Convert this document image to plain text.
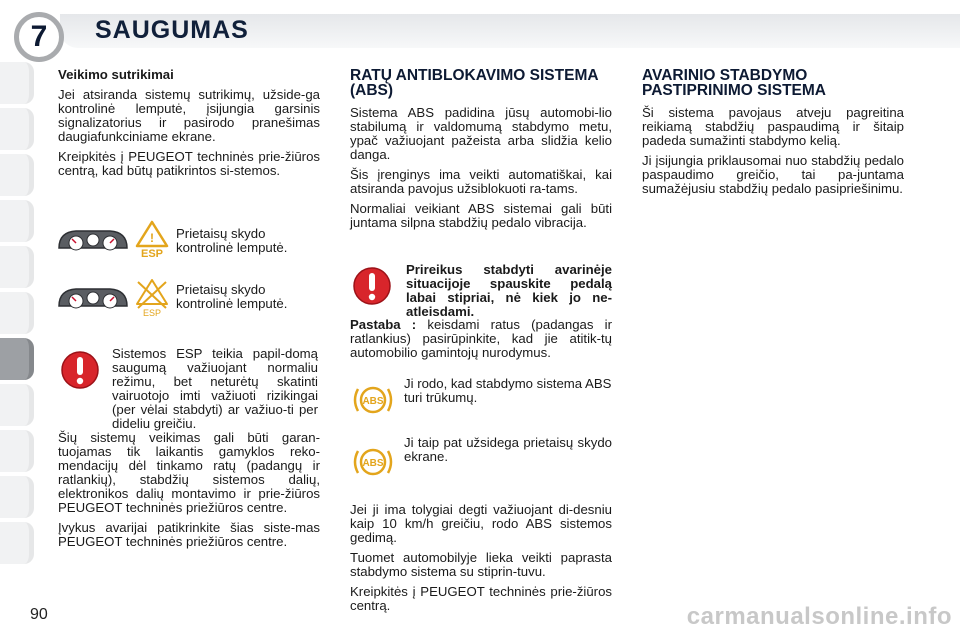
7	SAUGUMAS
Veikimo sutrikimai

Jei atsiranda sistemų sutrikimų, užside-ga kontrolinė lemputė, įsijungia garsinis signalizatorius ir pasirodo pranešimas daugiafunkciniame ekrane.

Kreipkitės į PEUGEOT techninės prie-žiūros centrą, kad būtų patikrintos si-stemos.

!
ESP
Prietaisų skydo kontrolinė lemputė.
ESP
Prietaisų skydo kontrolinė lemputė.
Sistemos ESP teikia papil-domą saugumą važiuojant normaliu režimu, bet neturėtų skatinti vairuotojo imti važiuoti rizikingai (per vėlai stabdyti) ar važiuo-ti per dideliu greičiu.

Šių sistemų veikimas gali būti garan-tuojamas tik laikantis gamyklos reko-mendacijų dėl tinkamo ratų (padangų ir ratlankių), stabdžių sistemos dalių, elektronikos dalių montavimo ir prie-žiūros PEUGEOT techninės priežiūros centre.

Įvykus avarijai patikrinkite šias siste-mas PEUGEOT techninės priežiūros centre.

RATŲ ANTIBLOKAVIMO SISTEMA (ABS)

Sistema ABS padidina jūsų automobi-lio stabilumą ir valdomumą stabdymo metu, ypač važiuojant pažeista arba slidžia kelio danga.

Šis įrenginys ima veikti automatiškai, kai atsiranda pavojus užsiblokuoti ra-tams.

Normaliai veikiant ABS sistemai gali būti juntama silpna stabdžių pedalo vibracija.

Prireikus stabdyti avarinėje situacijoje spauskite pedalą labai stipriai, nė kiek jo ne-atleisdami.
Pastaba : keisdami ratus (padangas ir ratlankius) pasirūpinkite, kad jie atitik-tų automobilio gamintojų nurodymus.
ABS
Ji rodo, kad stabdymo sistema ABS turi trūkumų.
ABS
Ji taip pat užsidega prietaisų skydo ekrane.

Jei ji ima tolygiai degti važiuojant di-desniu kaip 10 km/h greičiu, rodo ABS sistemos gedimą.

Tuomet automobilyje lieka veikti paprasta stabdymo sistema su stiprin-tuvu.

Kreipkitės į PEUGEOT techninės prie-žiūros centrą.

AVARINIO STABDYMO PASTIPRINIMO SISTEMA

Ši sistema pavojaus atveju pagreitina reikiamą stabdžių paspaudimą ir šitaip padeda sumažinti stabdymo kelią.

Ji įsijungia priklausomai nuo stabdžių pedalo paspaudimo greičio, tai pa-juntama sumažėjusiu stabdžių pedalo pasipriešinimu.

90	carmanualsonline.info
